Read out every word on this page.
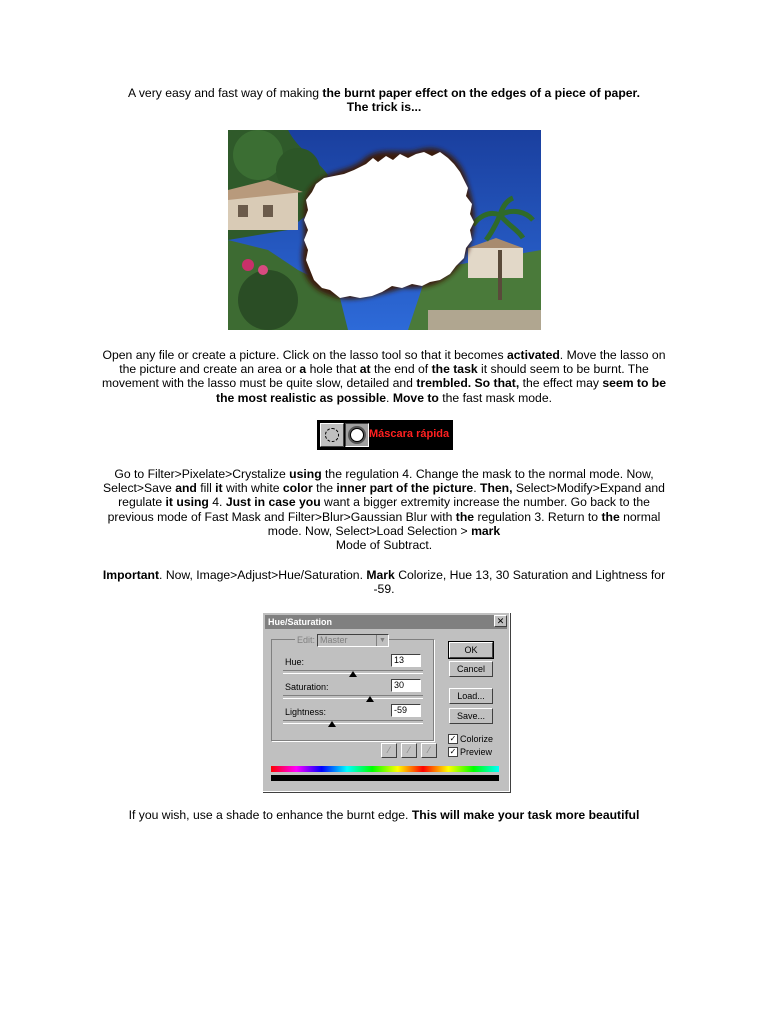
A very easy and fast way of making the burnt paper effect on the edges of a piece of paper.
The trick is...
Open any file or create a picture. Click on the lasso tool so that it becomes activated. Move the lasso on the picture and create an area or a hole that at the end of the task it should seem to be burnt. The movement with the lasso must be quite slow, detailed and trembled. So that, the effect may seem to be the most realistic as possible. Move to the fast mask mode.
Máscara rápida
Go to Filter>Pixelate>Crystalize using the regulation 4. Change the mask to the normal mode. Now, Select>Save and fill it with white color the inner part of the picture. Then, Select>Modify>Expand and regulate it using 4. Just in case you want a bigger extremity increase the number. Go back to the previous mode of Fast Mask and Filter>Blur>Gaussian Blur with the regulation 3. Return to the normal mode. Now, Select>Load Selection > mark
Mode of Subtract.
Important. Now, Image>Adjust>Hue/Saturation. Mark Colorize, Hue 13, 30 Saturation and Lightness for -59.
Hue/Saturation	✕
Edit: Master	▼
Hue:	13
Saturation:	30
Lightness:	-59
OK
Cancel
Load...
Save...
✓ Colorize
✓ Preview
⁄	⁄	⁄
If you wish, use a shade to enhance the burnt edge. This will make your task more beautiful
